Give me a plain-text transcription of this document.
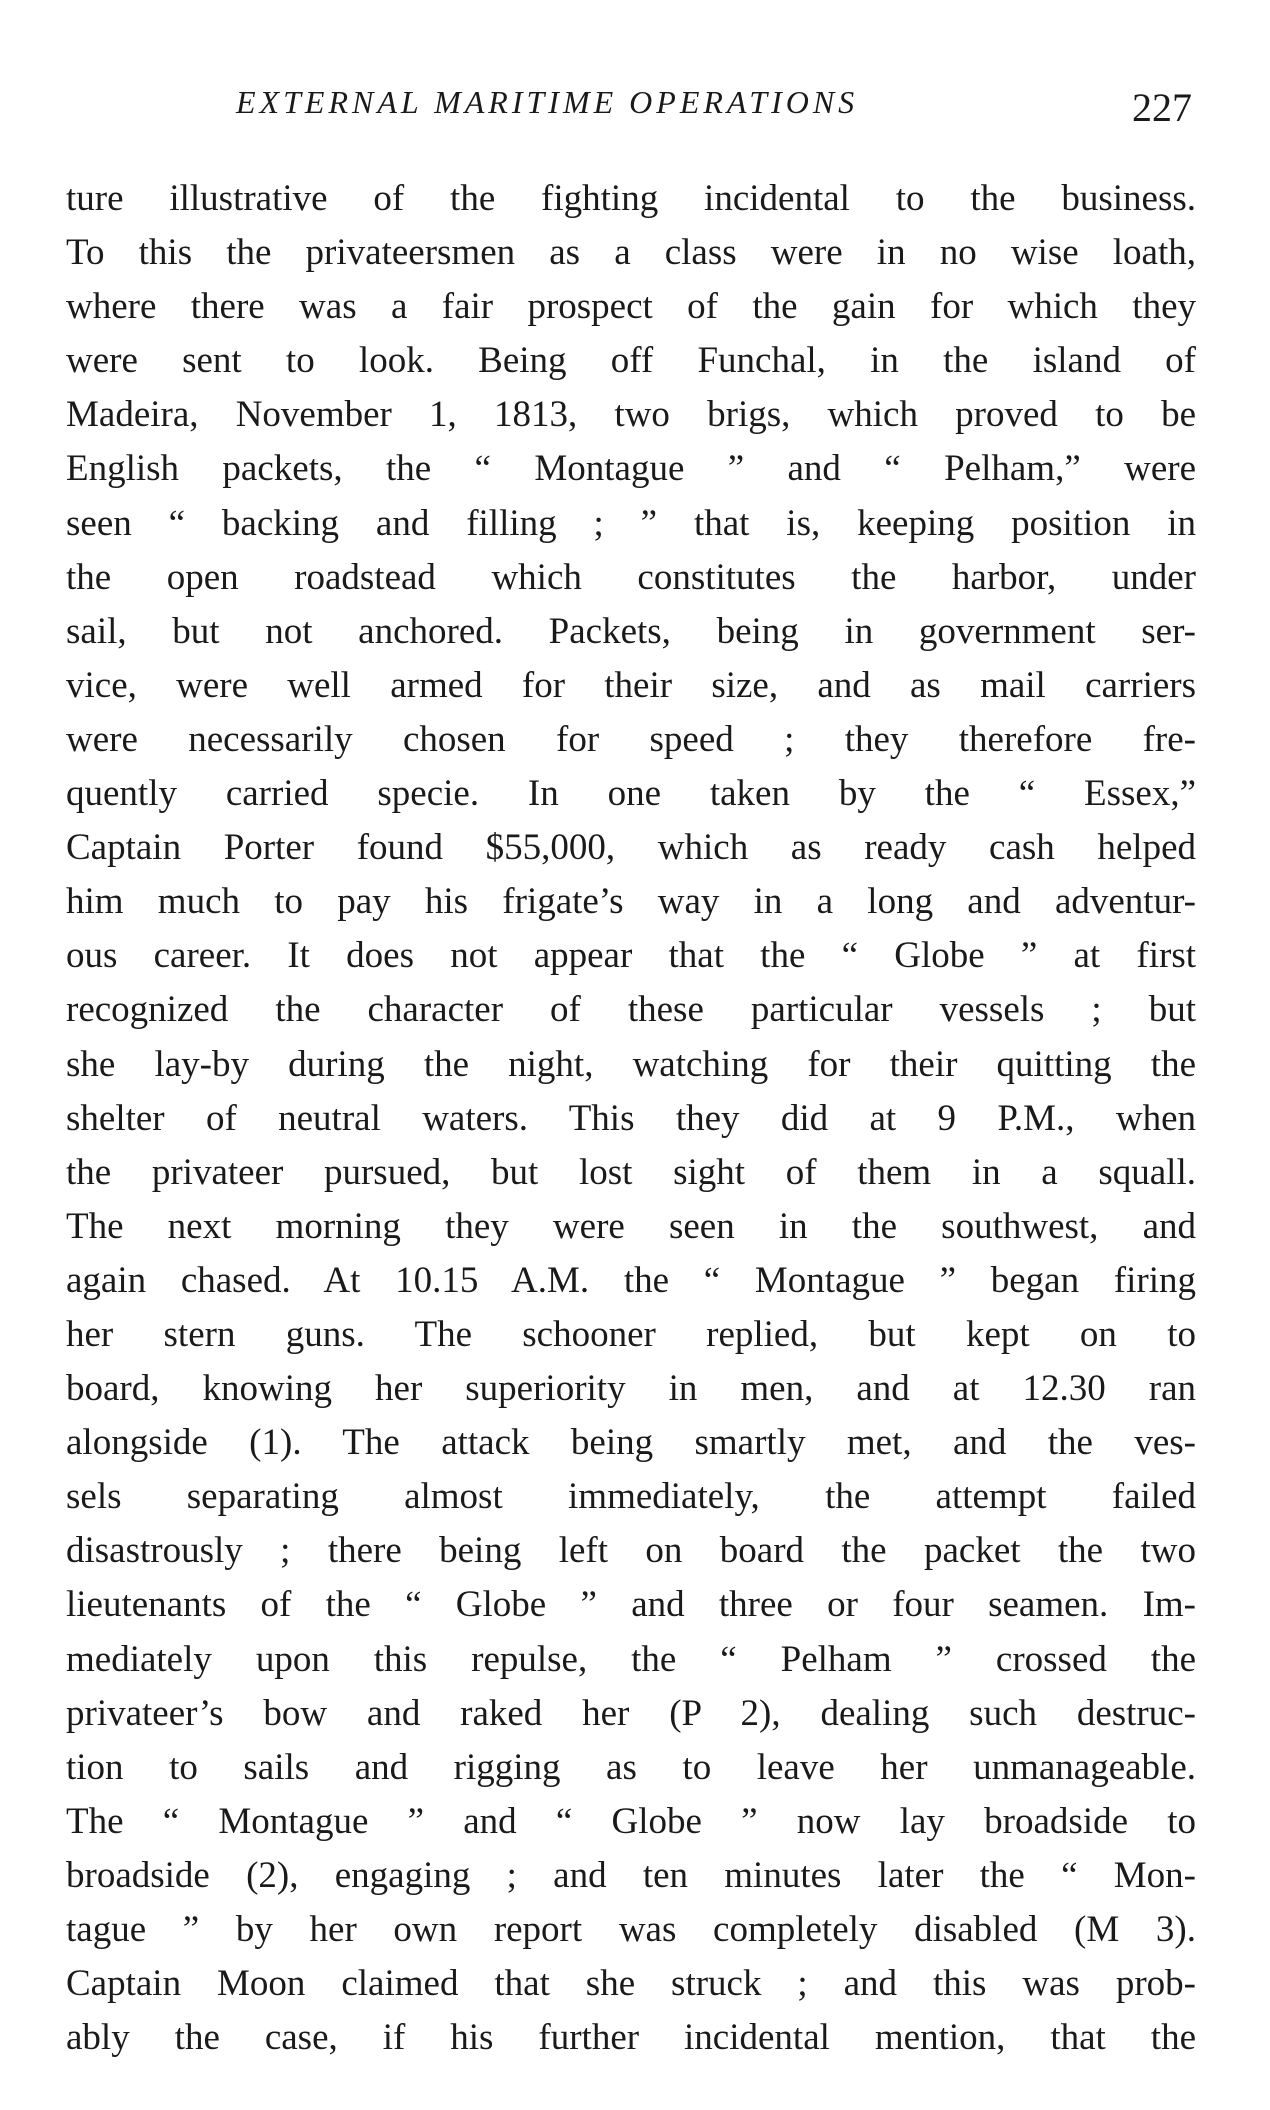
EXTERNAL MARITIME OPERATIONS	227
ture illustrative of the fighting incidental to the business.
To this the privateersmen as a class were in no wise loath,
where there was a fair prospect of the gain for which they
were sent to look. Being off Funchal, in the island of
Madeira, November 1, 1813, two brigs, which proved to be
English packets, the “ Montague ” and “ Pelham,” were
seen “ backing and filling ; ” that is, keeping position in
the open roadstead which constitutes the harbor, under
sail, but not anchored. Packets, being in government ser-
vice, were well armed for their size, and as mail carriers
were necessarily chosen for speed ; they therefore fre-
quently carried specie. In one taken by the “ Essex,”
Captain Porter found $55,000, which as ready cash helped
him much to pay his frigate’s way in a long and adventur-
ous career. It does not appear that the “ Globe ” at first
recognized the character of these particular vessels ; but
she lay-by during the night, watching for their quitting the
shelter of neutral waters. This they did at 9 P.M., when
the privateer pursued, but lost sight of them in a squall.
The next morning they were seen in the southwest, and
again chased. At 10.15 A.M. the “ Montague ” began firing
her stern guns. The schooner replied, but kept on to
board, knowing her superiority in men, and at 12.30 ran
alongside (1). The attack being smartly met, and the ves-
sels separating almost immediately, the attempt failed
disastrously ; there being left on board the packet the two
lieutenants of the “ Globe ” and three or four seamen. Im-
mediately upon this repulse, the “ Pelham ” crossed the
privateer’s bow and raked her (P 2), dealing such destruc-
tion to sails and rigging as to leave her unmanageable.
The “ Montague ” and “ Globe ” now lay broadside to
broadside (2), engaging ; and ten minutes later the “ Mon-
tague ” by her own report was completely disabled (M 3).
Captain Moon claimed that she struck ; and this was prob-
ably the case, if his further incidental mention, that the
